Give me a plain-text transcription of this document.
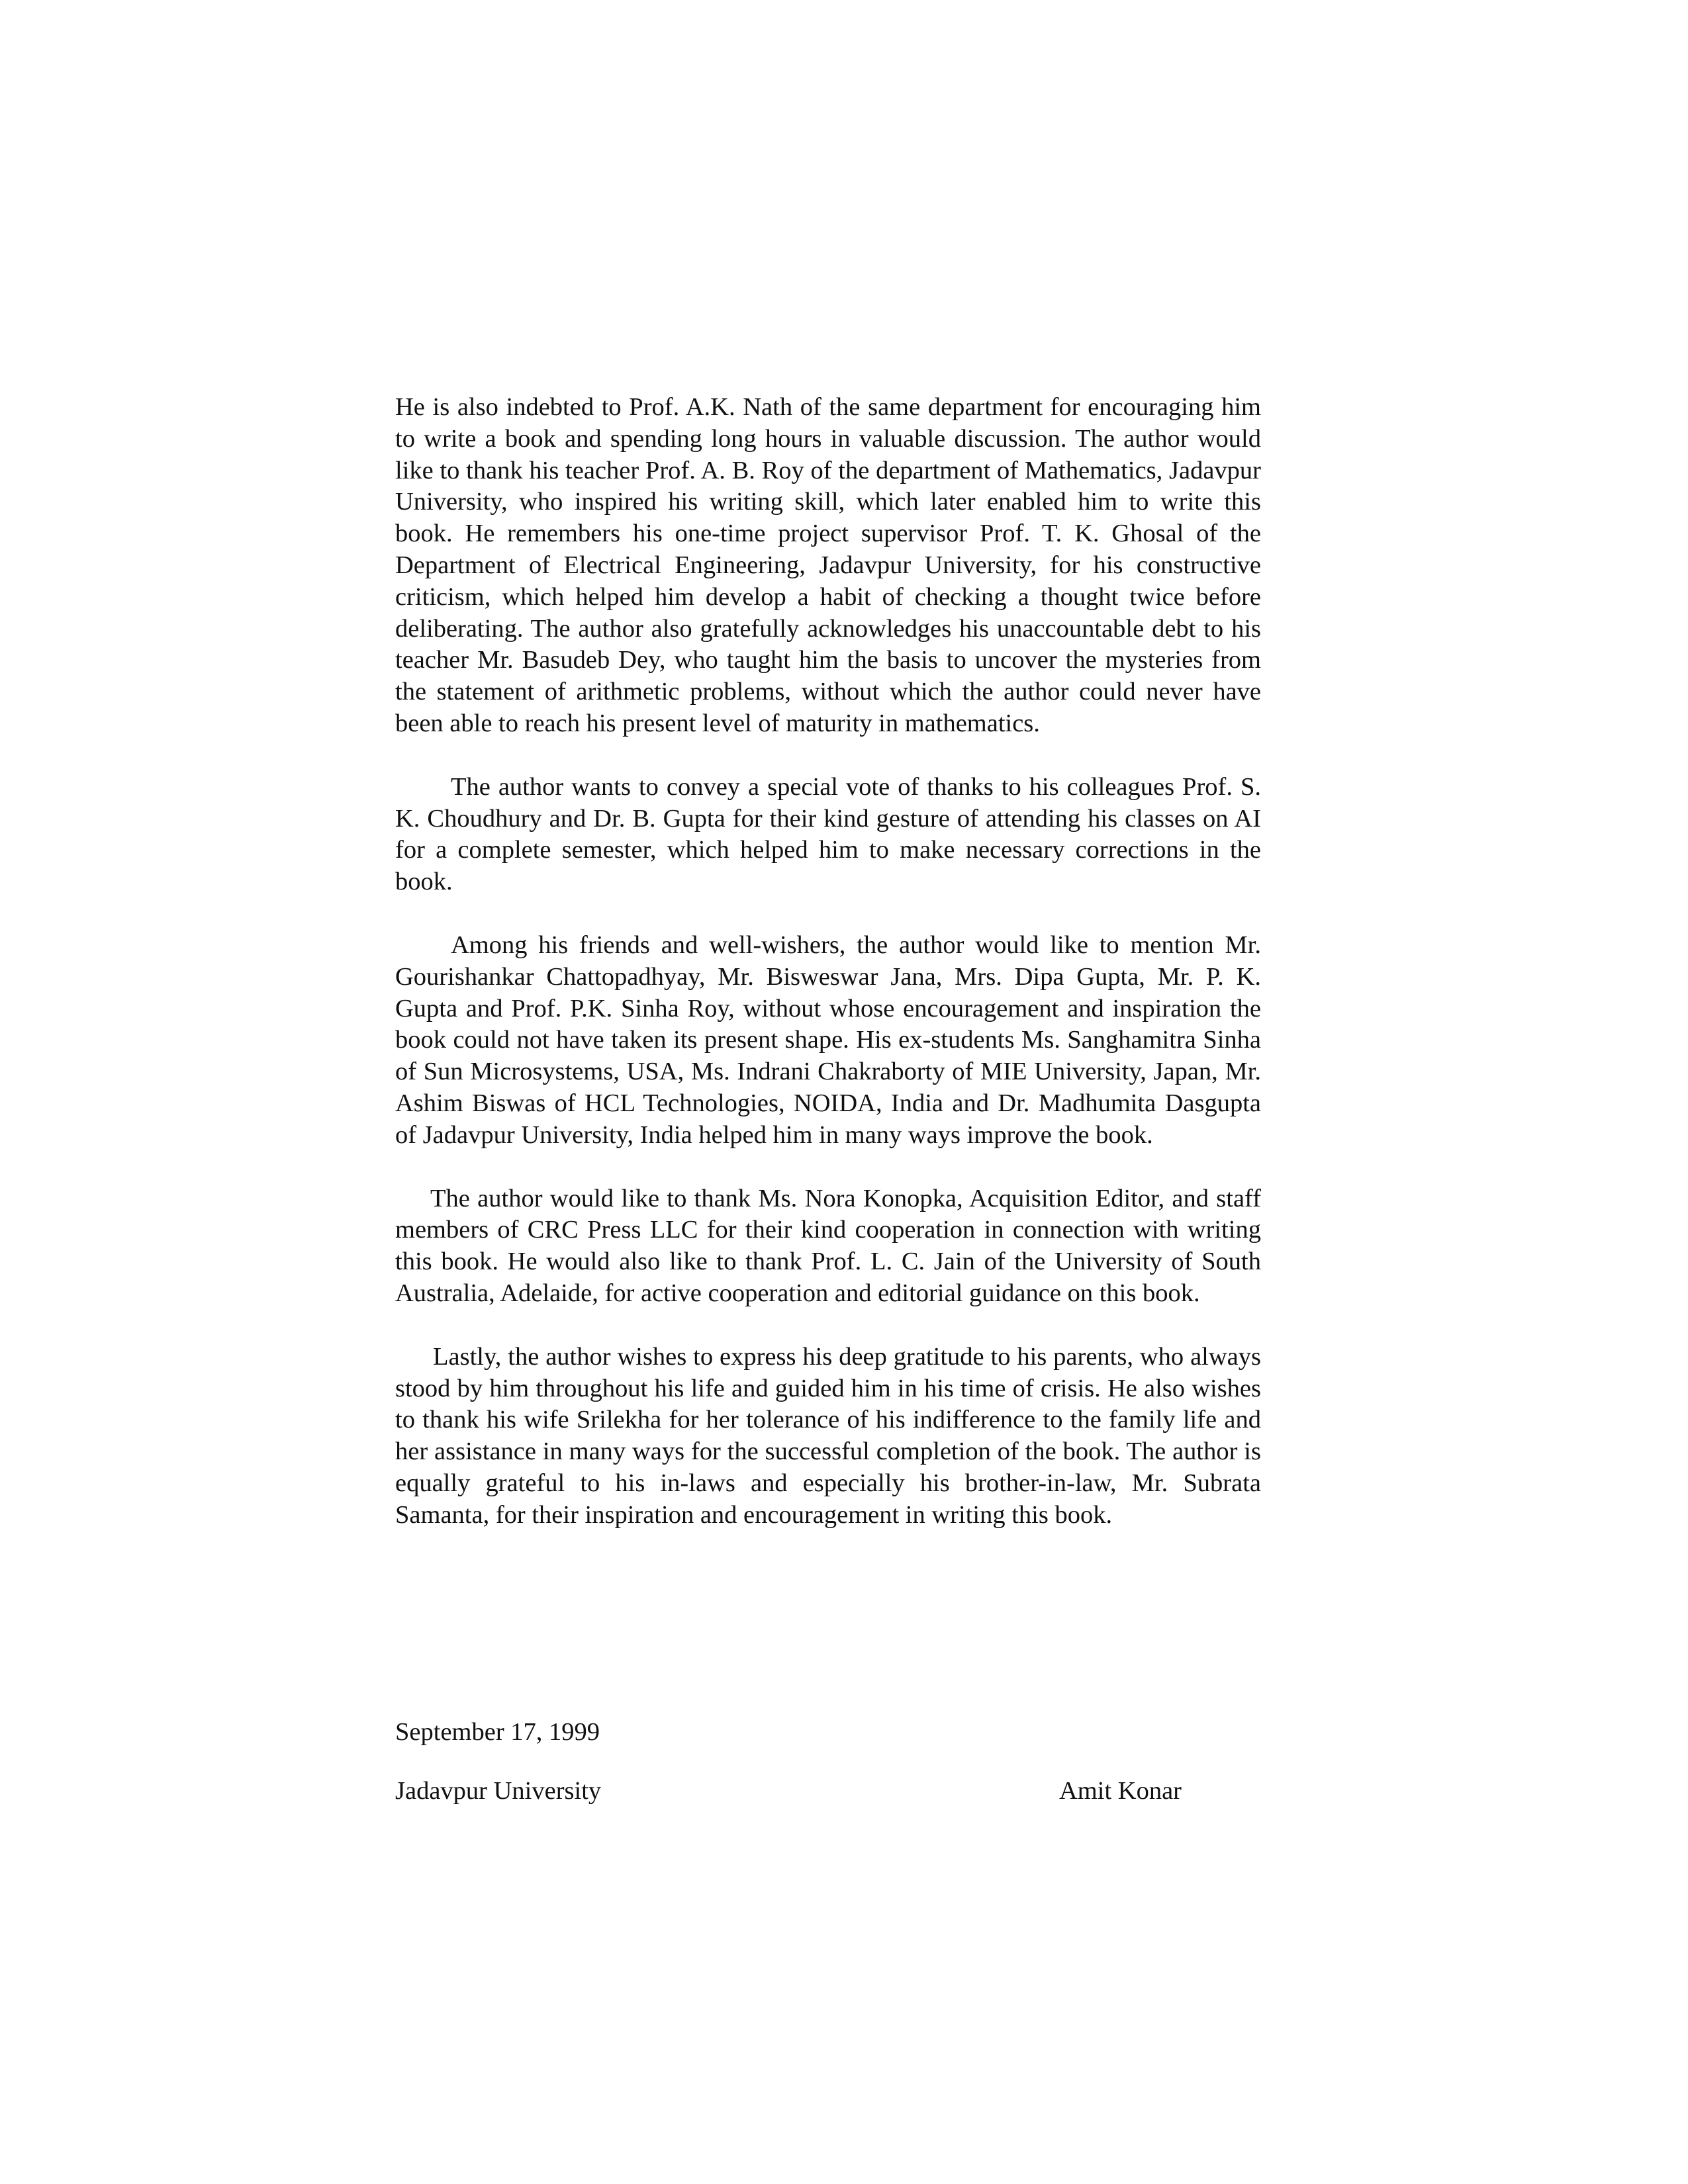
He is also indebted to Prof. A.K. Nath of the same department for encouraging him to write a book and spending long hours in valuable discussion. The author would like to thank his teacher Prof. A. B. Roy of the department of Mathematics, Jadavpur University, who inspired his writing skill, which later enabled him to write this book. He remembers his one-time project supervisor Prof. T. K. Ghosal of the Department of Electrical Engineering, Jadavpur University, for his constructive criticism, which helped him develop a habit of checking a thought twice before deliberating. The author also gratefully acknowledges his unaccountable debt to his teacher Mr. Basudeb Dey, who taught him the basis to uncover the mysteries from the statement of arithmetic problems, without which the author could never have been able to reach his present level of maturity in mathematics.

The author wants to convey a special vote of thanks to his colleagues Prof. S. K. Choudhury and Dr. B. Gupta for their kind gesture of attending his classes on AI for a complete semester, which helped him to make necessary corrections in the book.

Among his friends and well-wishers, the author would like to mention Mr. Gourishankar Chattopadhyay, Mr. Bisweswar Jana, Mrs. Dipa Gupta, Mr. P. K. Gupta and Prof. P.K. Sinha Roy, without whose encouragement and inspiration the book could not have taken its present shape. His ex-students Ms. Sanghamitra Sinha of Sun Microsystems, USA, Ms. Indrani Chakraborty of MIE University, Japan, Mr. Ashim Biswas of HCL Technologies, NOIDA, India and Dr. Madhumita Dasgupta of Jadavpur University, India helped him in many ways improve the book.

The author would like to thank Ms. Nora Konopka, Acquisition Editor, and staff members of CRC Press LLC for their kind cooperation in connection with writing this book. He would also like to thank Prof. L. C. Jain of the University of South Australia, Adelaide, for active cooperation and editorial guidance on this book.

Lastly, the author wishes to express his deep gratitude to his parents, who always stood by him throughout his life and guided him in his time of crisis. He also wishes to thank his wife Srilekha for her tolerance of his indifference to the family life and her assistance in many ways for the successful completion of the book. The author is equally grateful to his in-laws and especially his brother-in-law, Mr. Subrata Samanta, for their inspiration and encouragement in writing this book.

September 17, 1999
Jadavpur University	Amit Konar
